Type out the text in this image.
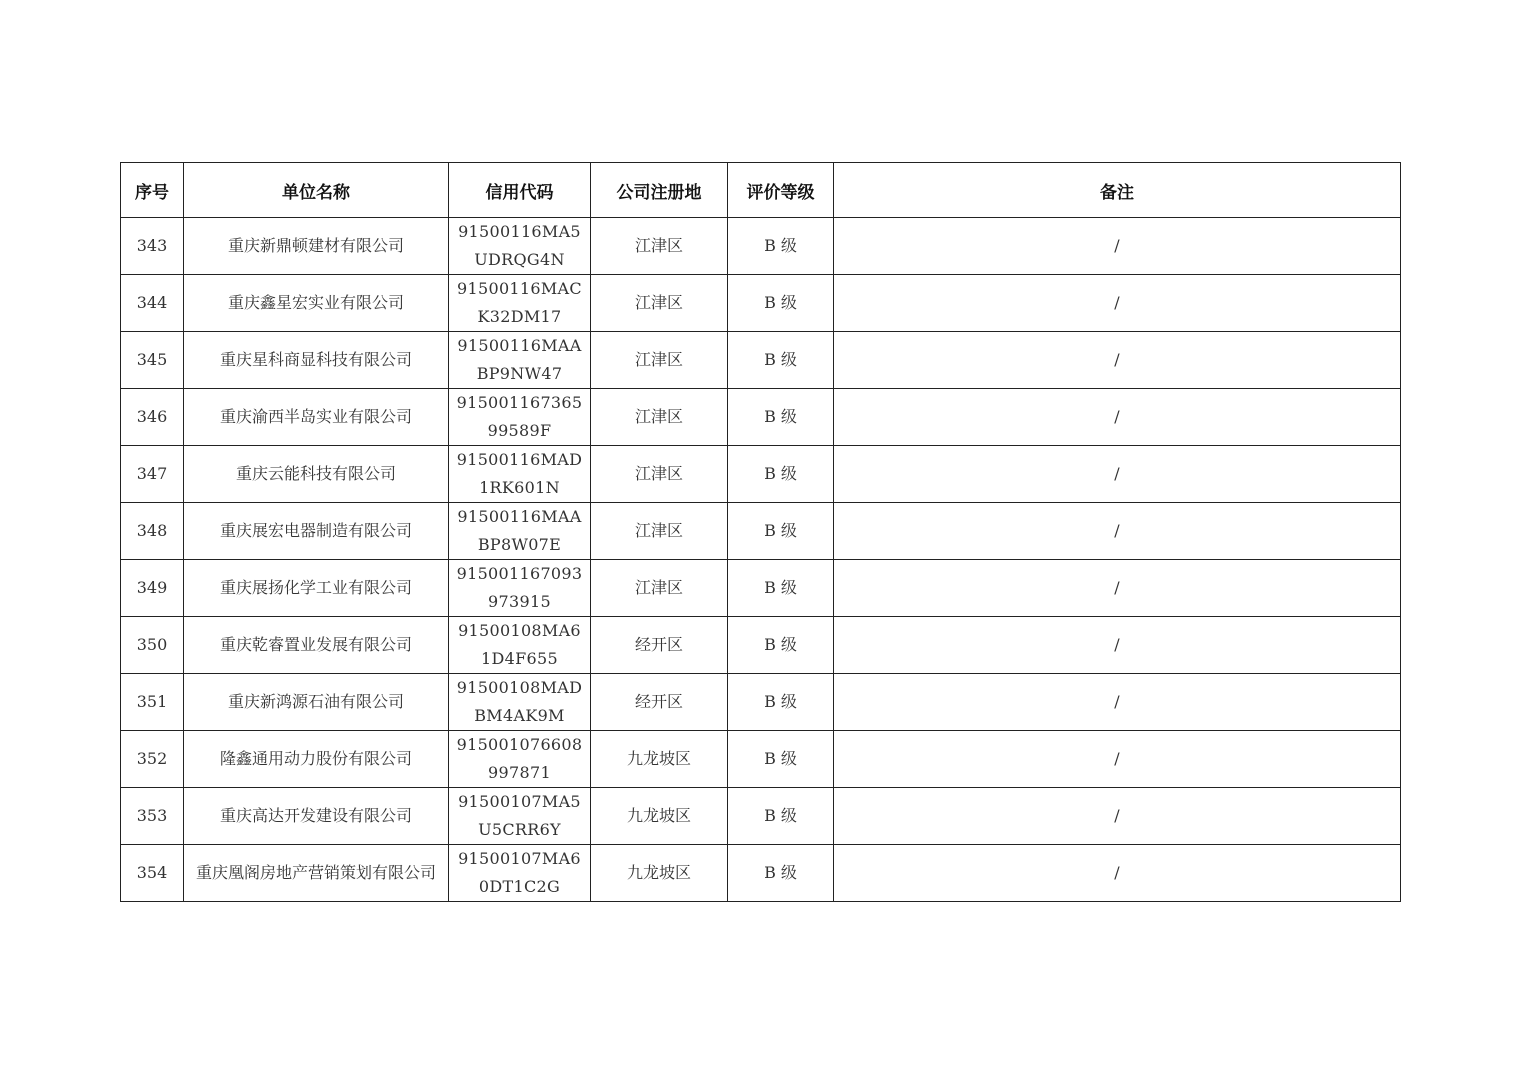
序号	单位名称	信用代码	公司注册地	评价等级	备注
343	重庆新鼎顿建材有限公司	91500116MA5UDRQG4N	江津区	B 级	/
344	重庆鑫星宏实业有限公司	91500116MACK32DM17	江津区	B 级	/
345	重庆星科商显科技有限公司	91500116MAABP9NW47	江津区	B 级	/
346	重庆渝西半岛实业有限公司	91500116736599589F	江津区	B 级	/
347	重庆云能科技有限公司	91500116MAD1RK601N	江津区	B 级	/
348	重庆展宏电器制造有限公司	91500116MAABP8W07E	江津区	B 级	/
349	重庆展扬化学工业有限公司	915001167093973915	江津区	B 级	/
350	重庆乾睿置业发展有限公司	91500108MA61D4F655	经开区	B 级	/
351	重庆新鸿源石油有限公司	91500108MADBM4AK9M	经开区	B 级	/
352	隆鑫通用动力股份有限公司	915001076608997871	九龙坡区	B 级	/
353	重庆高达开发建设有限公司	91500107MA5U5CRR6Y	九龙坡区	B 级	/
354	重庆凰阁房地产营销策划有限公司	91500107MA60DT1C2G	九龙坡区	B 级	/
